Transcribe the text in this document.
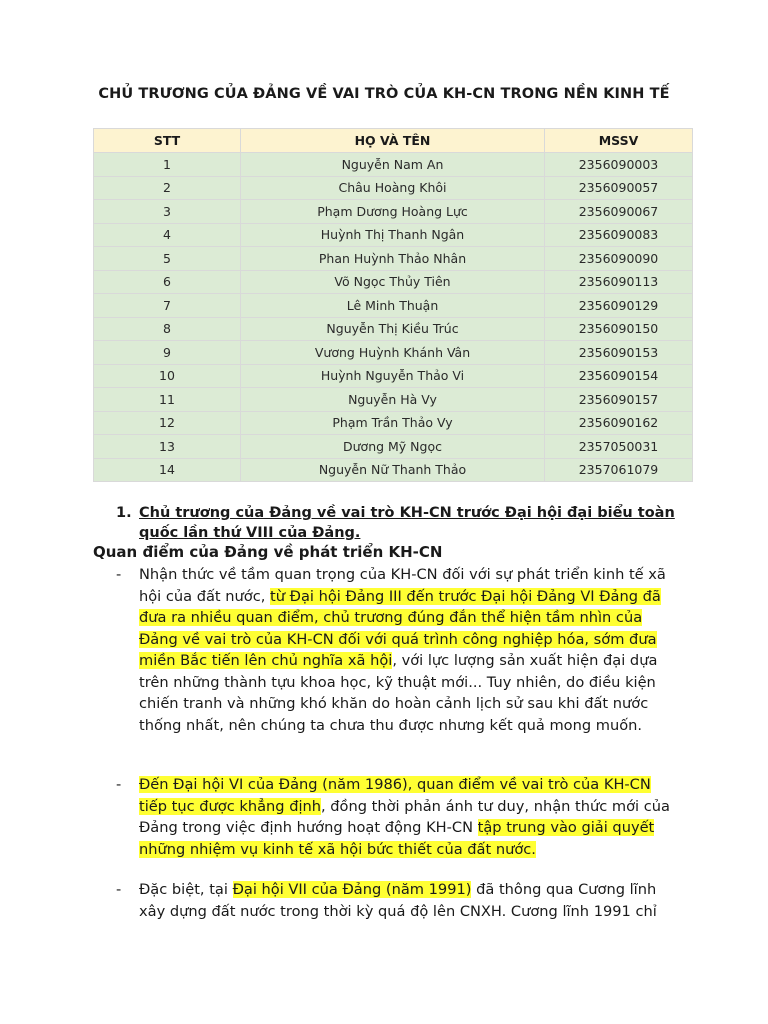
CHỦ TRƯƠNG CỦA ĐẢNG VỀ VAI TRÒ CỦA KH-CN TRONG NỀN KINH TẾ
STT	HỌ VÀ TÊN	MSSV
1	Nguyễn Nam An	2356090003
2	Châu Hoàng Khôi	2356090057
3	Phạm Dương Hoàng Lực	2356090067
4	Huỳnh Thị Thanh Ngân	2356090083
5	Phan Huỳnh Thảo Nhân	2356090090
6	Võ Ngọc Thủy Tiên	2356090113
7	Lê Minh Thuận	2356090129
8	Nguyễn Thị Kiều Trúc	2356090150
9	Vương Huỳnh Khánh Vân	2356090153
10	Huỳnh Nguyễn Thảo Vi	2356090154
11	Nguyễn Hà Vy	2356090157
12	Phạm Trần Thảo Vy	2356090162
13	Dương Mỹ Ngọc	2357050031
14	Nguyễn Nữ Thanh Thảo	2357061079
1. Chủ trương của Đảng về vai trò KH-CN trước Đại hội đại biểu toàn quốc lần thứ VIII của Đảng.
Quan điểm của Đảng về phát triển KH-CN
- Nhận thức về tầm quan trọng của KH-CN đối với sự phát triển kinh tế xã hội của đất nước, từ Đại hội Đảng III đến trước Đại hội Đảng VI Đảng đã đưa ra nhiều quan điểm, chủ trương đúng đắn thể hiện tầm nhìn của Đảng về vai trò của KH-CN đối với quá trình công nghiệp hóa, sớm đưa miền Bắc tiến lên chủ nghĩa xã hội, với lực lượng sản xuất hiện đại dựa trên những thành tựu khoa học, kỹ thuật mới... Tuy nhiên, do điều kiện chiến tranh và những khó khăn do hoàn cảnh lịch sử sau khi đất nước thống nhất, nên chúng ta chưa thu được nhưng kết quả mong muốn.
- Đến Đại hội VI của Đảng (năm 1986), quan điểm về vai trò của KH-CN tiếp tục được khẳng định, đồng thời phản ánh tư duy, nhận thức mới của Đảng trong việc định hướng hoạt động KH-CN tập trung vào giải quyết những nhiệm vụ kinh tế xã hội bức thiết của đất nước.
- Đặc biệt, tại Đại hội VII của Đảng (năm 1991) đã thông qua Cương lĩnh xây dựng đất nước trong thời kỳ quá độ lên CNXH. Cương lĩnh 1991 chỉ
